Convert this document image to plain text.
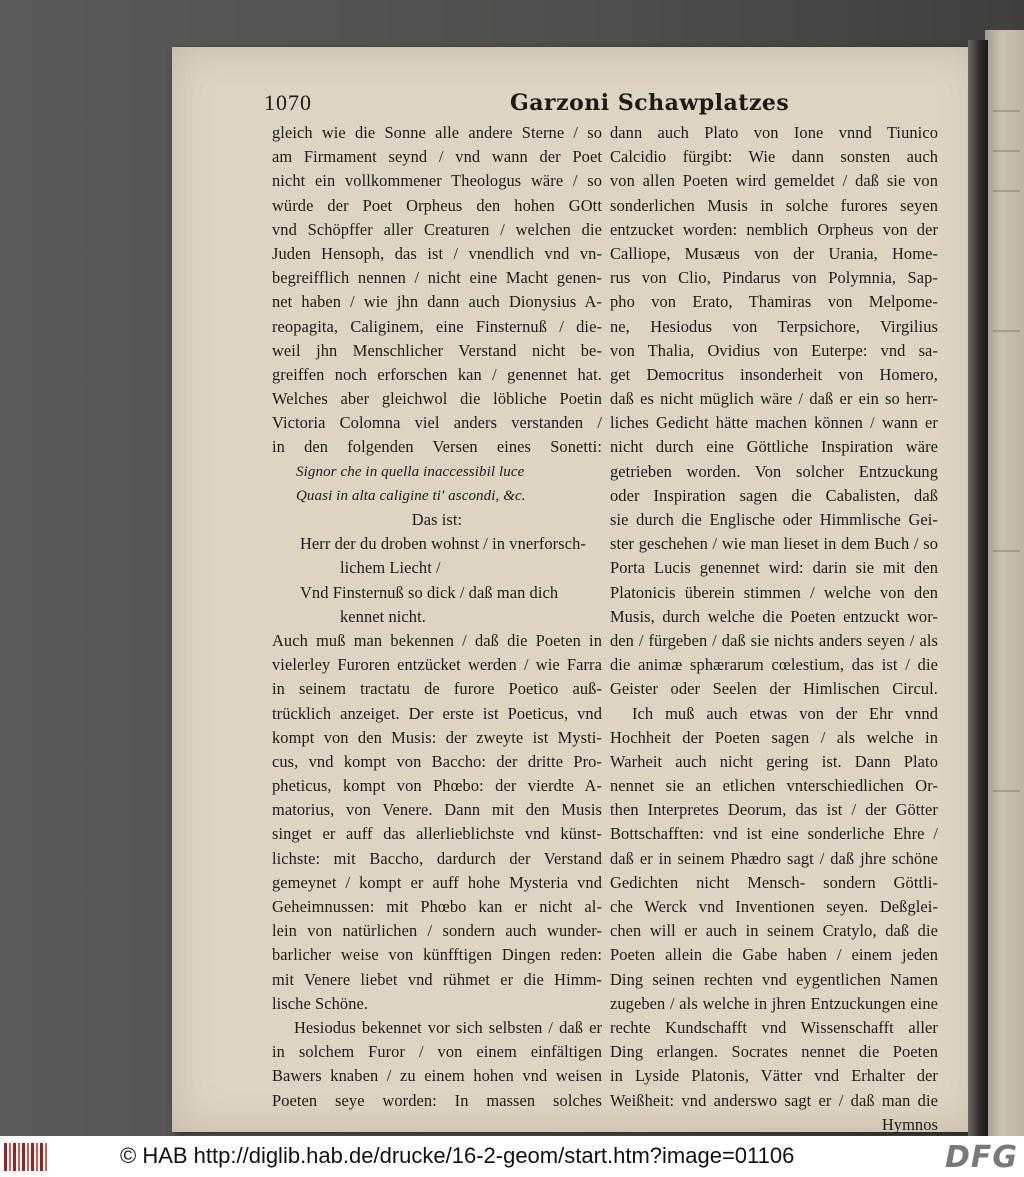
1070	Garzoni Schawplatzes
gleich wie die Sonne alle andere Sterne / so
am Firmament seynd / vnd wann der Poet
nicht ein vollkommener Theologus wäre / so
würde der Poet Orpheus den hohen GOtt
vnd Schöpffer aller Creaturen / welchen die
Juden Hensoph, das ist / vnendlich vnd vn-
begreifflich nennen / nicht eine Macht genen-
net haben / wie jhn dann auch Dionysius A-
reopagita, Caliginem, eine Finsternuß / die-
weil jhn Menschlicher Verstand nicht be-
greiffen noch erforschen kan / genennet hat.
Welches aber gleichwol die löbliche Poetin
Victoria Colomna viel anders verstanden /
in den folgenden Versen eines Sonetti:
Signor che in quella inaccessibil luce
Quasi in alta caligine ti' ascondi, &c.
Das ist:
Herr der du droben wohnst / in vnerforsch-
lichem Liecht /
Vnd Finsternuß so dick / daß man dich
kennet nicht.
Auch muß man bekennen / daß die Poeten in
vielerley Furoren entzücket werden / wie Farra
in seinem tractatu de furore Poetico auß-
trücklich anzeiget. Der erste ist Poeticus, vnd
kompt von den Musis: der zweyte ist Mysti-
cus, vnd kompt von Baccho: der dritte Pro-
pheticus, kompt von Phœbo: der vierdte A-
matorius, von Venere. Dann mit den Musis
singet er auff das allerlieblichste vnd künst-
lichste: mit Baccho, dardurch der Verstand
gemeynet / kompt er auff hohe Mysteria vnd
Geheimnussen: mit Phœbo kan er nicht al-
lein von natürlichen / sondern auch wunder-
barlicher weise von künfftigen Dingen reden:
mit Venere liebet vnd rühmet er die Himm-
lische Schöne.
Hesiodus bekennet vor sich selbsten / daß er
in solchem Furor / von einem einfältigen
Bawers knaben / zu einem hohen vnd weisen
Poeten seye worden: In massen solches
dann auch Plato von Ione vnnd Tiunico
Calcidio fürgibt: Wie dann sonsten auch
von allen Poeten wird gemeldet / daß sie von
sonderlichen Musis in solche furores seyen
entzucket worden: nemblich Orpheus von der
Calliope, Musæus von der Urania, Home-
rus von Clio, Pindarus von Polymnia, Sap-
pho von Erato, Thamiras von Melpome-
ne, Hesiodus von Terpsichore, Virgilius
von Thalia, Ovidius von Euterpe: vnd sa-
get Democritus insonderheit von Homero,
daß es nicht müglich wäre / daß er ein so herr-
liches Gedicht hätte machen können / wann er
nicht durch eine Göttliche Inspiration wäre
getrieben worden. Von solcher Entzuckung
oder Inspiration sagen die Cabalisten, daß
sie durch die Englische oder Himmlische Gei-
ster geschehen / wie man lieset in dem Buch / so
Porta Lucis genennet wird: darin sie mit den
Platonicis überein stimmen / welche von den
Musis, durch welche die Poeten entzuckt wor-
den / fürgeben / daß sie nichts anders seyen / als
die animæ sphærarum cœlestium, das ist / die
Geister oder Seelen der Himlischen Circul.
Ich muß auch etwas von der Ehr vnnd
Hochheit der Poeten sagen / als welche in
Warheit auch nicht gering ist. Dann Plato
nennet sie an etlichen vnterschiedlichen Or-
then Interpretes Deorum, das ist / der Götter
Bottschafften: vnd ist eine sonderliche Ehre /
daß er in seinem Phædro sagt / daß jhre schöne
Gedichten nicht Mensch- sondern Göttli-
che Werck vnd Inventionen seyen. Deßglei-
chen will er auch in seinem Cratylo, daß die
Poeten allein die Gabe haben / einem jeden
Ding seinen rechten vnd eygentlichen Namen
zugeben / als welche in jhren Entzuckungen eine
rechte Kundschafft vnd Wissenschafft aller
Ding erlangen. Socrates nennet die Poeten
in Lyside Platonis, Vätter vnd Erhalter der
Weißheit: vnd anderswo sagt er / daß man die
Hymnos
© HAB http://diglib.hab.de/drucke/16-2-geom/start.htm?image=01106	DFG
